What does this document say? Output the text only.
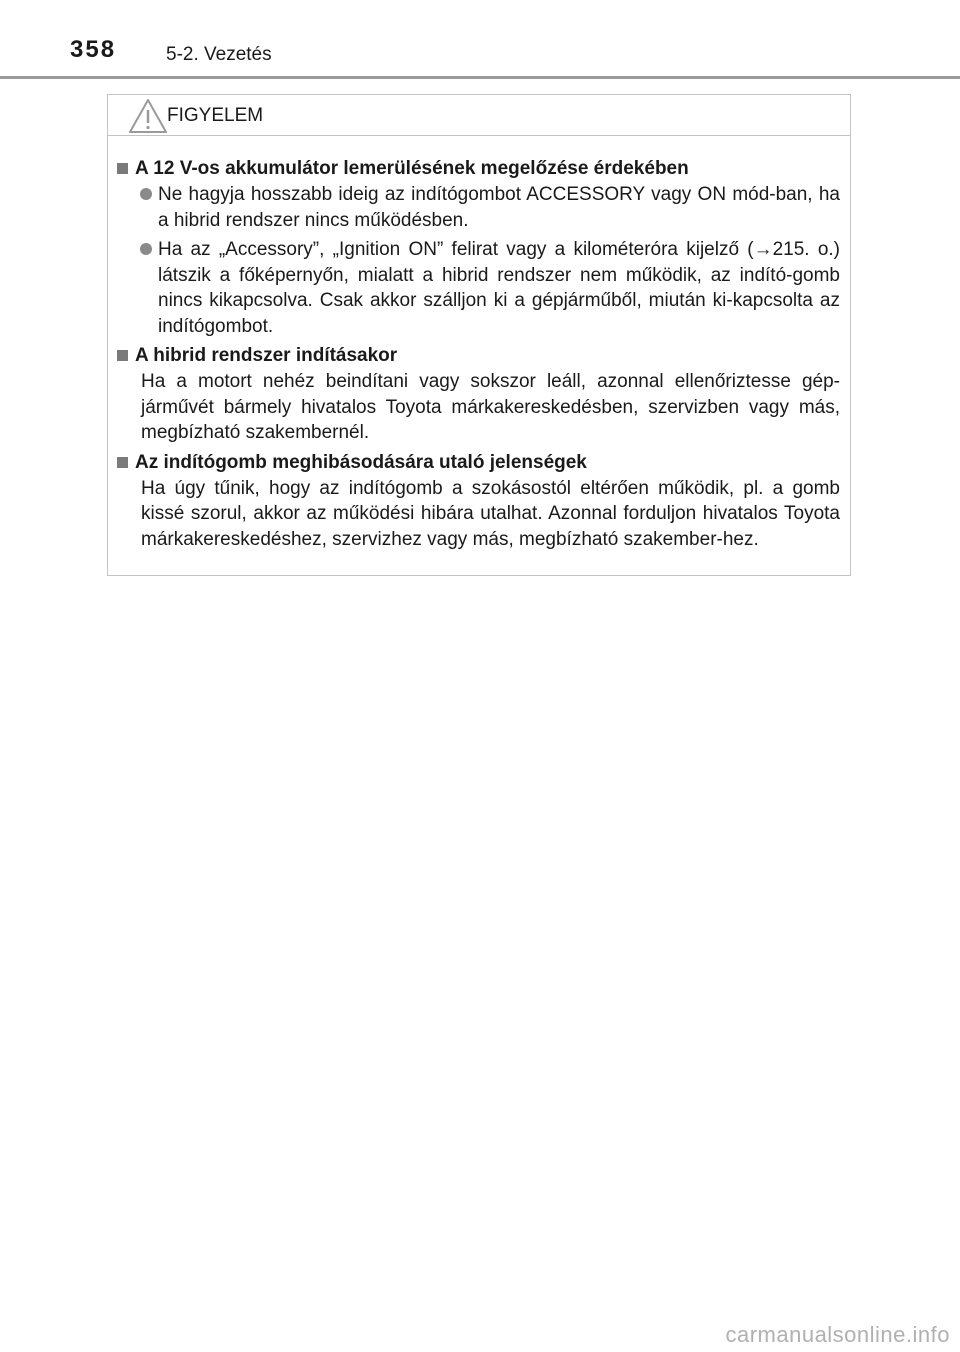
358	5-2. Vezetés
FIGYELEM
A 12 V-os akkumulátor lemerülésének megelőzése érdekében
Ne hagyja hosszabb ideig az indítógombot ACCESSORY vagy ON mód-ban, ha a hibrid rendszer nincs működésben.
Ha az „Accessory”, „Ignition ON” felirat vagy a kilométeróra kijelző (→215. o.) látszik a főképernyőn, mialatt a hibrid rendszer nem működik, az indító-gomb nincs kikapcsolva. Csak akkor szálljon ki a gépjárműből, miután ki-kapcsolta az indítógombot.
A hibrid rendszer indításakor
Ha a motort nehéz beindítani vagy sokszor leáll, azonnal ellenőriztesse gép-járművét bármely hivatalos Toyota márkakereskedésben, szervizben vagy más, megbízható szakembernél.
Az indítógomb meghibásodására utaló jelenségek
Ha úgy tűnik, hogy az indítógomb a szokásostól eltérően működik, pl. a gomb kissé szorul, akkor az működési hibára utalhat. Azonnal forduljon hivatalos Toyota márkakereskedéshez, szervizhez vagy más, megbízható szakember-hez.
carmanualsonline.info
